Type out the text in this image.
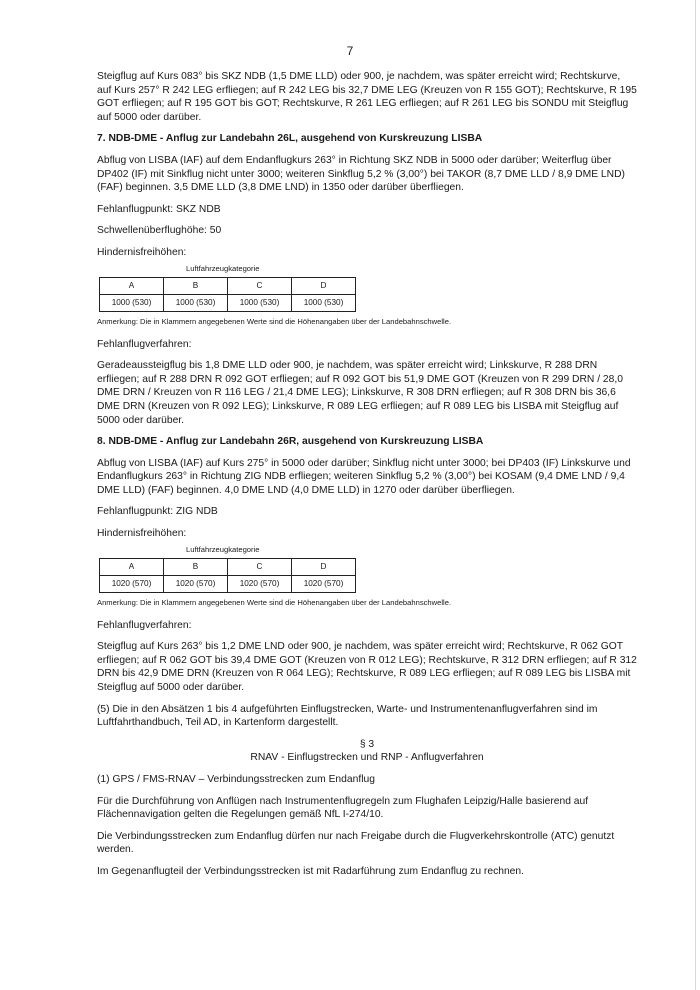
7

Steigflug auf Kurs 083° bis SKZ NDB (1,5 DME LLD) oder 900, je nachdem, was später erreicht wird; Rechtskurve, auf Kurs 257° R 242 LEG erfliegen; auf R 242 LEG bis 32,7 DME LEG (Kreuzen von R 155 GOT); Rechtskurve, R 195 GOT erfliegen; auf R 195 GOT bis GOT; Rechtskurve, R 261 LEG erfliegen; auf R 261 LEG bis SONDU mit Steigflug auf 5000 oder darüber.

7. NDB-DME - Anflug zur Landebahn 26L, ausgehend von Kurskreuzung LISBA

Abflug von LISBA (IAF) auf dem Endanflugkurs 263° in Richtung SKZ NDB in 5000 oder darüber; Weiterflug über DP402 (IF) mit Sinkflug nicht unter 3000; weiteren Sinkflug 5,2 % (3,00°) bei TAKOR (8,7 DME LLD / 8,9 DME LND) (FAF) beginnen. 3,5 DME LLD (3,8 DME LND) in 1350 oder darüber überfliegen.

Fehlanflugpunkt: SKZ NDB

Schwellenüberflughöhe: 50

Hindernisfreihöhen:

Luftfahrzeugkategorie
A	B	C	D
1000 (530)	1000 (530)	1000 (530)	1000 (530)
Anmerkung: Die in Klammern angegebenen Werte sind die Höhenangaben über der Landebahnschwelle.

Fehlanflugverfahren:

Geradeaussteigflug bis 1,8 DME LLD oder 900, je nachdem, was später erreicht wird; Linkskurve, R 288 DRN erfliegen; auf R 288 DRN R 092 GOT erfliegen; auf R 092 GOT bis 51,9 DME GOT (Kreuzen von R 299 DRN / 28,0 DME DRN / Kreuzen von R 116 LEG / 21,4 DME LEG); Linkskurve, R 308 DRN erfliegen; auf R 308 DRN bis 36,6 DME DRN (Kreuzen von R 092 LEG); Linkskurve, R 089 LEG erfliegen; auf R 089 LEG bis LISBA mit Steigflug auf 5000 oder darüber.

8. NDB-DME - Anflug zur Landebahn 26R, ausgehend von Kurskreuzung LISBA

Abflug von LISBA (IAF) auf Kurs 275° in 5000 oder darüber; Sinkflug nicht unter 3000; bei DP403 (IF) Linkskurve und Endanflugkurs 263° in Richtung ZIG NDB erfliegen; weiteren Sinkflug 5,2 % (3,00°) bei KOSAM (9,4 DME LND / 9,4 DME LLD) (FAF) beginnen. 4,0 DME LND (4,0 DME LLD) in 1270 oder darüber überfliegen.

Fehlanflugpunkt: ZIG NDB

Hindernisfreihöhen:

Luftfahrzeugkategorie
A	B	C	D
1020 (570)	1020 (570)	1020 (570)	1020 (570)
Anmerkung: Die in Klammern angegebenen Werte sind die Höhenangaben über der Landebahnschwelle.

Fehlanflugverfahren:

Steigflug auf Kurs 263° bis 1,2 DME LND oder 900, je nachdem, was später erreicht wird; Rechtskurve, R 062 GOT erfliegen; auf R 062 GOT bis 39,4 DME GOT (Kreuzen von R 012 LEG); Rechtskurve, R 312 DRN erfliegen; auf R 312 DRN bis 42,9 DME DRN (Kreuzen von R 064 LEG); Rechtskurve, R 089 LEG erfliegen; auf R 089 LEG bis LISBA mit Steigflug auf 5000 oder darüber.

(5) Die in den Absätzen 1 bis 4 aufgeführten Einflugstrecken, Warte- und Instrumentenanflugverfahren sind im Luftfahrthandbuch, Teil AD, in Kartenform dargestellt.

§ 3
RNAV - Einflugstrecken und RNP - Anflugverfahren

(1) GPS / FMS-RNAV – Verbindungsstrecken zum Endanflug

Für die Durchführung von Anflügen nach Instrumentenflugregeln zum Flughafen Leipzig/Halle basierend auf Flächennavigation gelten die Regelungen gemäß NfL I-274/10.

Die Verbindungsstrecken zum Endanflug dürfen nur nach Freigabe durch die Flugverkehrskontrolle (ATC) genutzt werden.

Im Gegenanflugteil der Verbindungsstrecken ist mit Radarführung zum Endanflug zu rechnen.
